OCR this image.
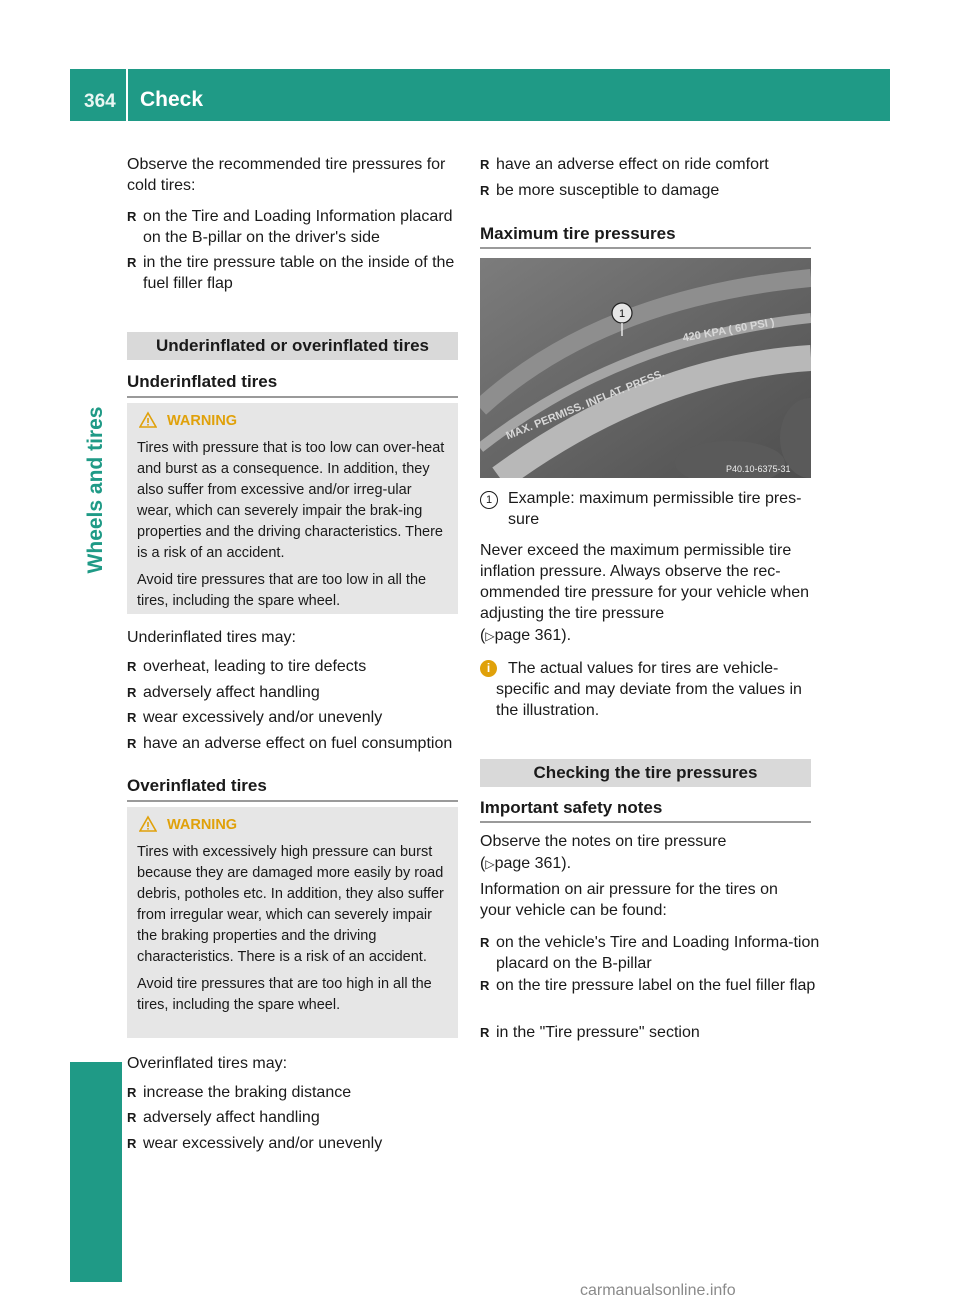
364 Check
Wheels and tires
Observe the recommended tire pressures for cold tires:
R on the Tire and Loading Information placard on the B-pillar on the driver's side
R in the tire pressure table on the inside of the fuel filler flap
Underinflated or overinflated tires
Underinflated tires
WARNING

Tires with pressure that is too low can over-heat and burst as a consequence. In addition, they also suffer from excessive and/or irreg-ular wear, which can severely impair the brak-ing properties and the driving characteristics. There is a risk of an accident.

Avoid tire pressures that are too low in all the tires, including the spare wheel.

Underinflated tires may:
R overheat, leading to tire defects
R adversely affect handling
R wear excessively and/or unevenly
R have an adverse effect on fuel consumption
Overinflated tires
WARNING

Tires with excessively high pressure can burst because they are damaged more easily by road debris, potholes etc. In addition, they also suffer from irregular wear, which can severely impair the braking properties and the driving characteristics. There is a risk of an accident.

Avoid tire pressures that are too high in all the tires, including the spare wheel.

Overinflated tires may:
R increase the braking distance
R adversely affect handling
R wear excessively and/or unevenly
R have an adverse effect on ride comfort
R be more susceptible to damage
Maximum tire pressures
MAX. PERMISS. INFLAT. PRESS.
420 KPA ( 60 PSI )
1
P40.10-6375-31
1 Example: maximum permissible tire pres-sure
Never exceed the maximum permissible tire inflation pressure. Always observe the rec-ommended tire pressure for your vehicle when adjusting the tire pressure
(▷page 361).
i	The actual values for tires are vehicle-specific and may deviate from the values in the illustration.
Checking the tire pressures
Important safety notes
Observe the notes on tire pressure
(▷page 361).
Information on air pressure for the tires on your vehicle can be found:
R on the vehicle's Tire and Loading Informa-tion placard on the B-pillar
R on the tire pressure label on the fuel filler flap
R in the "Tire pressure" section
carmanualsonline.info
